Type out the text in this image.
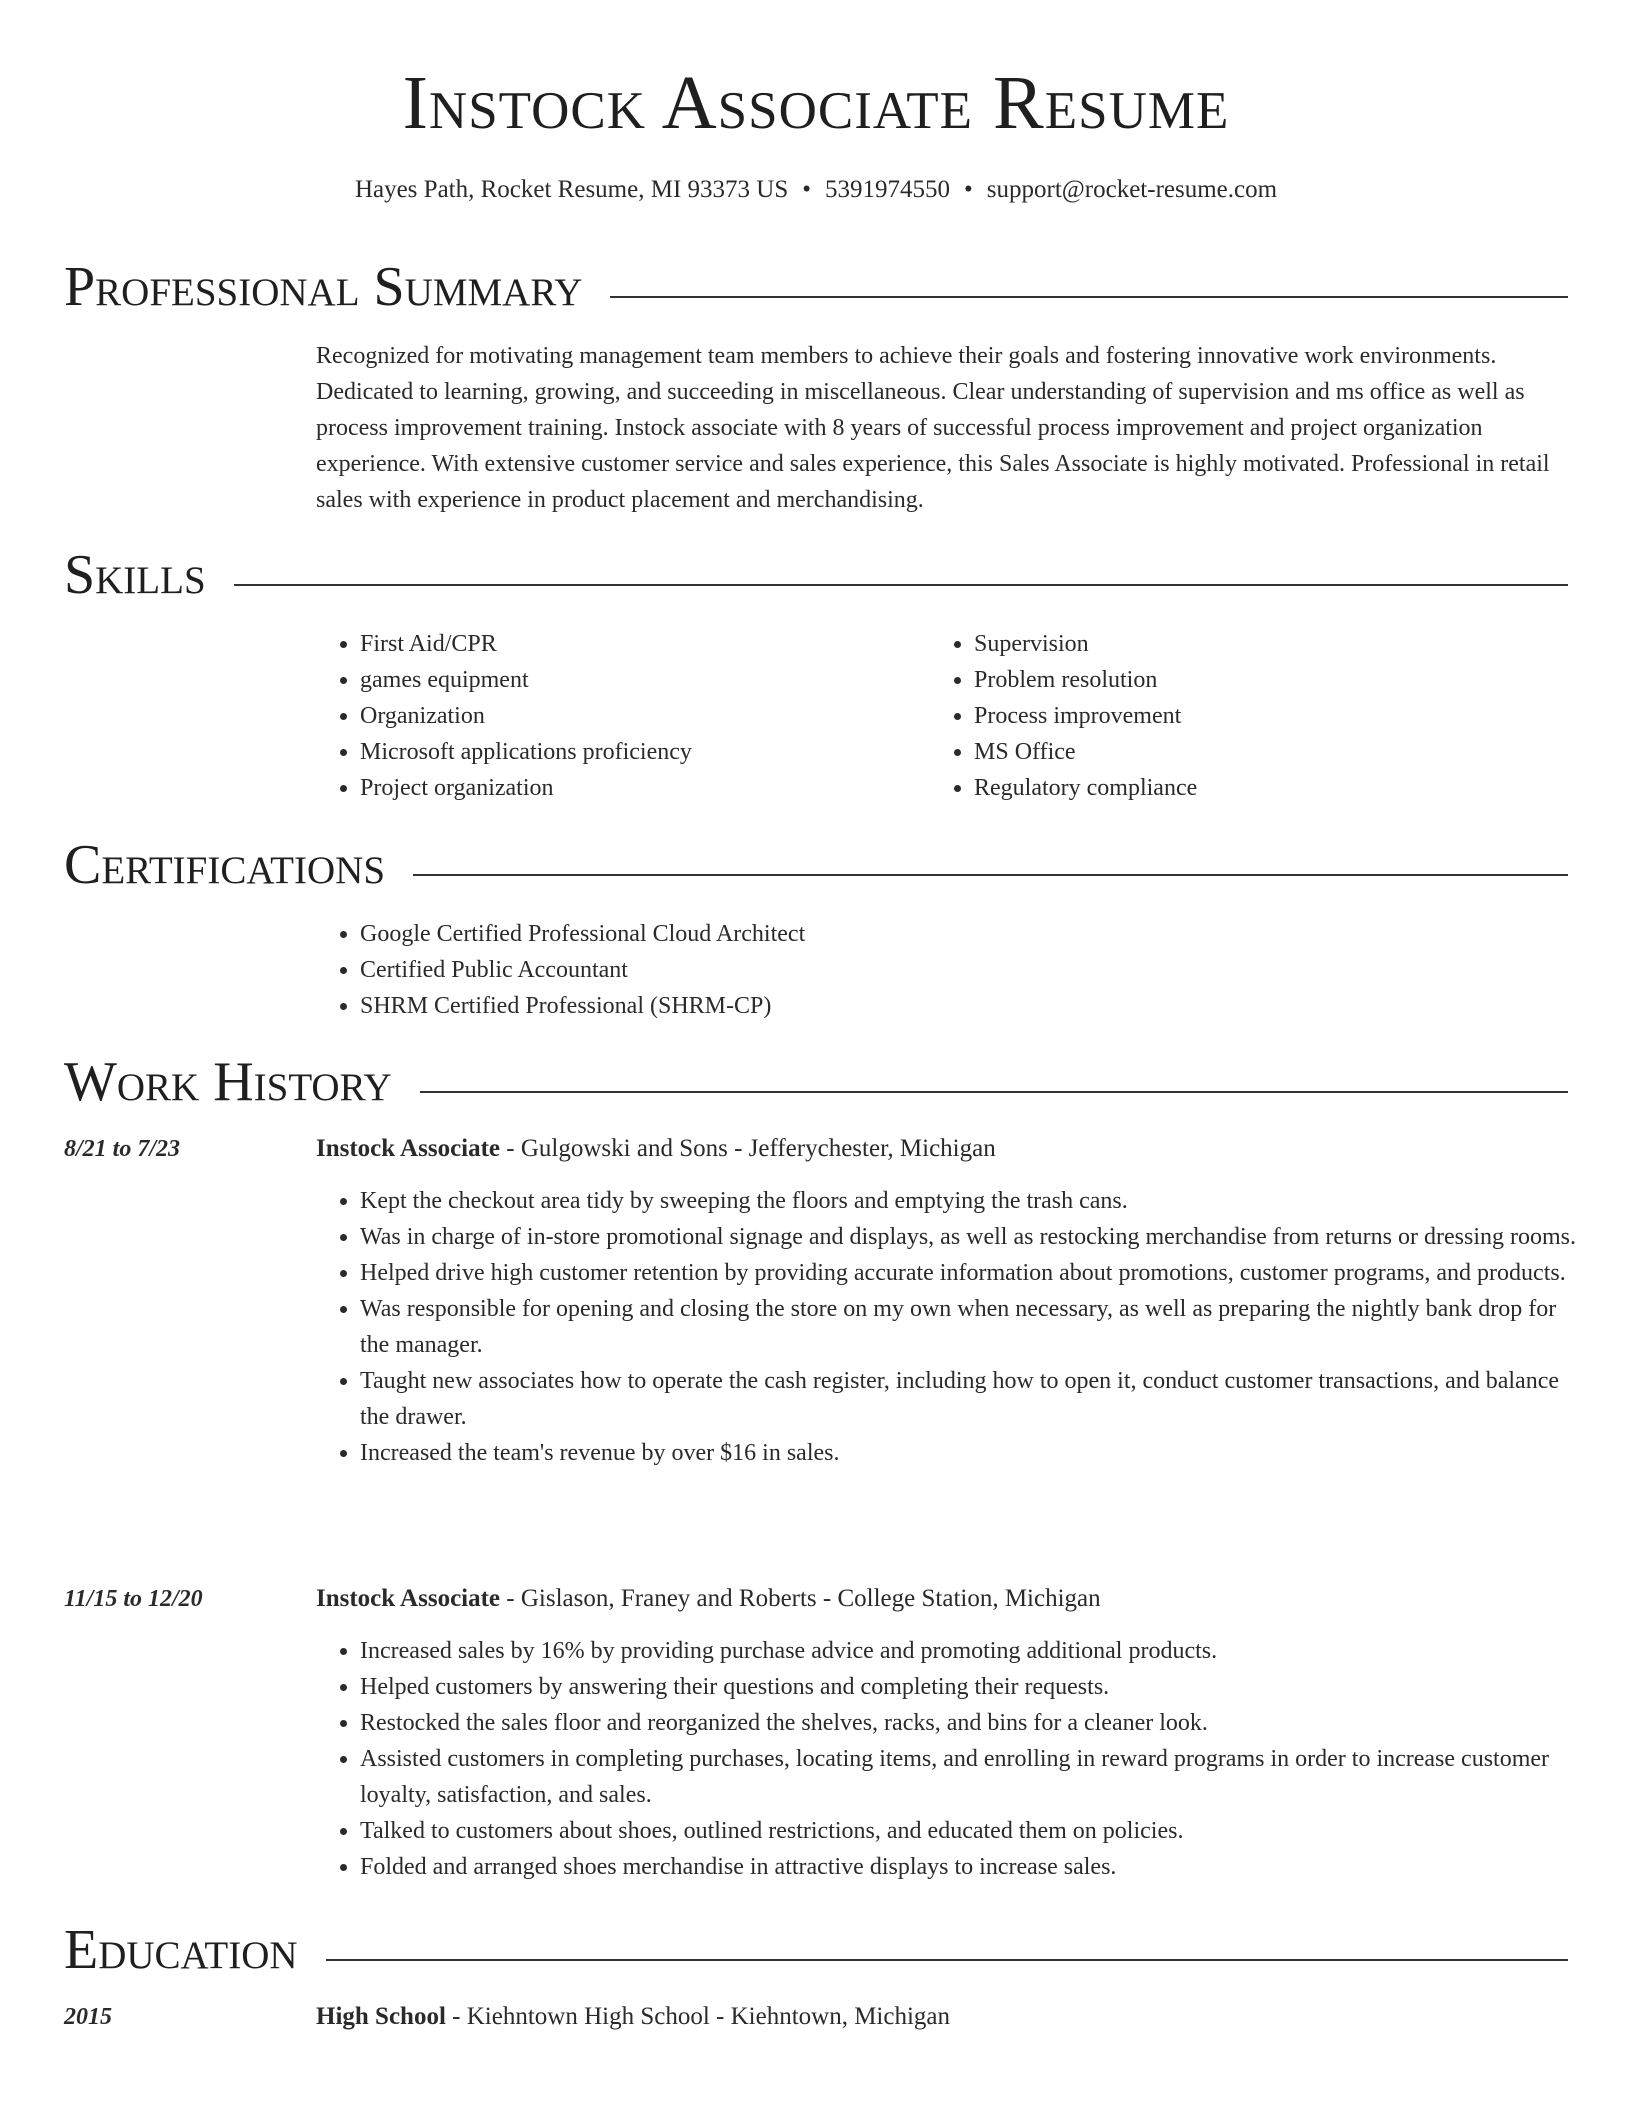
Instock Associate Resume
Hayes Path, Rocket Resume, MI 93373 US • 5391974550 • support@rocket-resume.com
Professional Summary
Recognized for motivating management team members to achieve their goals and fostering innovative work environments. Dedicated to learning, growing, and succeeding in miscellaneous. Clear understanding of supervision and ms office as well as process improvement training. Instock associate with 8 years of successful process improvement and project organization experience. With extensive customer service and sales experience, this Sales Associate is highly motivated. Professional in retail sales with experience in product placement and merchandising.
Skills
• First Aid/CPR
• games equipment
• Organization
• Microsoft applications proficiency
• Project organization
• Supervision
• Problem resolution
• Process improvement
• MS Office
• Regulatory compliance
Certifications
• Google Certified Professional Cloud Architect
• Certified Public Accountant
• SHRM Certified Professional (SHRM-CP)
Work History
8/21 to 7/23	Instock Associate - Gulgowski and Sons - Jefferychester, Michigan
• Kept the checkout area tidy by sweeping the floors and emptying the trash cans.
• Was in charge of in-store promotional signage and displays, as well as restocking merchandise from returns or dressing rooms.
• Helped drive high customer retention by providing accurate information about promotions, customer programs, and products.
• Was responsible for opening and closing the store on my own when necessary, as well as preparing the nightly bank drop for the manager.
• Taught new associates how to operate the cash register, including how to open it, conduct customer transactions, and balance the drawer.
• Increased the team's revenue by over $16 in sales.
11/15 to 12/20	Instock Associate - Gislason, Franey and Roberts - College Station, Michigan
• Increased sales by 16% by providing purchase advice and promoting additional products.
• Helped customers by answering their questions and completing their requests.
• Restocked the sales floor and reorganized the shelves, racks, and bins for a cleaner look.
• Assisted customers in completing purchases, locating items, and enrolling in reward programs in order to increase customer loyalty, satisfaction, and sales.
• Talked to customers about shoes, outlined restrictions, and educated them on policies.
• Folded and arranged shoes merchandise in attractive displays to increase sales.
Education
2015	High School - Kiehntown High School - Kiehntown, Michigan
